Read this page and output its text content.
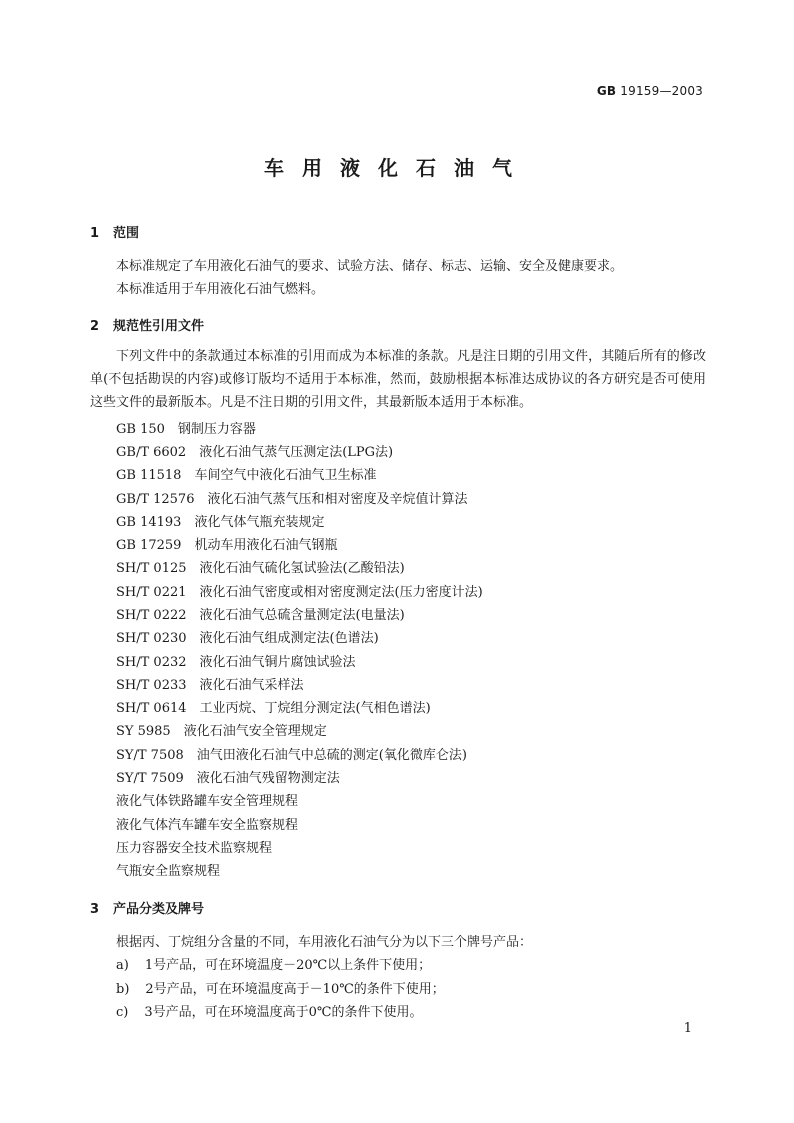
GB 19159—2003
车用液化石油气
1 范围
本标准规定了车用液化石油气的要求、试验方法、储存、标志、运输、安全及健康要求。
本标准适用于车用液化石油气燃料。
2 规范性引用文件
下列文件中的条款通过本标准的引用而成为本标准的条款。凡是注日期的引用文件，其随后所有的修改单(不包括勘误的内容)或修订版均不适用于本标准，然而，鼓励根据本标准达成协议的各方研究是否可使用这些文件的最新版本。凡是不注日期的引用文件，其最新版本适用于本标准。
GB 150 钢制压力容器
GB/T 6602 液化石油气蒸气压测定法(LPG法)
GB 11518 车间空气中液化石油气卫生标准
GB/T 12576 液化石油气蒸气压和相对密度及辛烷值计算法
GB 14193 液化气体气瓶充装规定
GB 17259 机动车用液化石油气钢瓶
SH/T 0125 液化石油气硫化氢试验法(乙酸铅法)
SH/T 0221 液化石油气密度或相对密度测定法(压力密度计法)
SH/T 0222 液化石油气总硫含量测定法(电量法)
SH/T 0230 液化石油气组成测定法(色谱法)
SH/T 0232 液化石油气铜片腐蚀试验法
SH/T 0233 液化石油气采样法
SH/T 0614 工业丙烷、丁烷组分测定法(气相色谱法)
SY 5985 液化石油气安全管理规定
SY/T 7508 油气田液化石油气中总硫的测定(氧化微库仑法)
SY/T 7509 液化石油气残留物测定法
液化气体铁路罐车安全管理规程
液化气体汽车罐车安全监察规程
压力容器安全技术监察规程
气瓶安全监察规程
3 产品分类及牌号
根据丙、丁烷组分含量的不同，车用液化石油气分为以下三个牌号产品：
a) 1号产品，可在环境温度－20℃以上条件下使用；
b) 2号产品，可在环境温度高于－10℃的条件下使用；
c) 3号产品，可在环境温度高于0℃的条件下使用。
1
